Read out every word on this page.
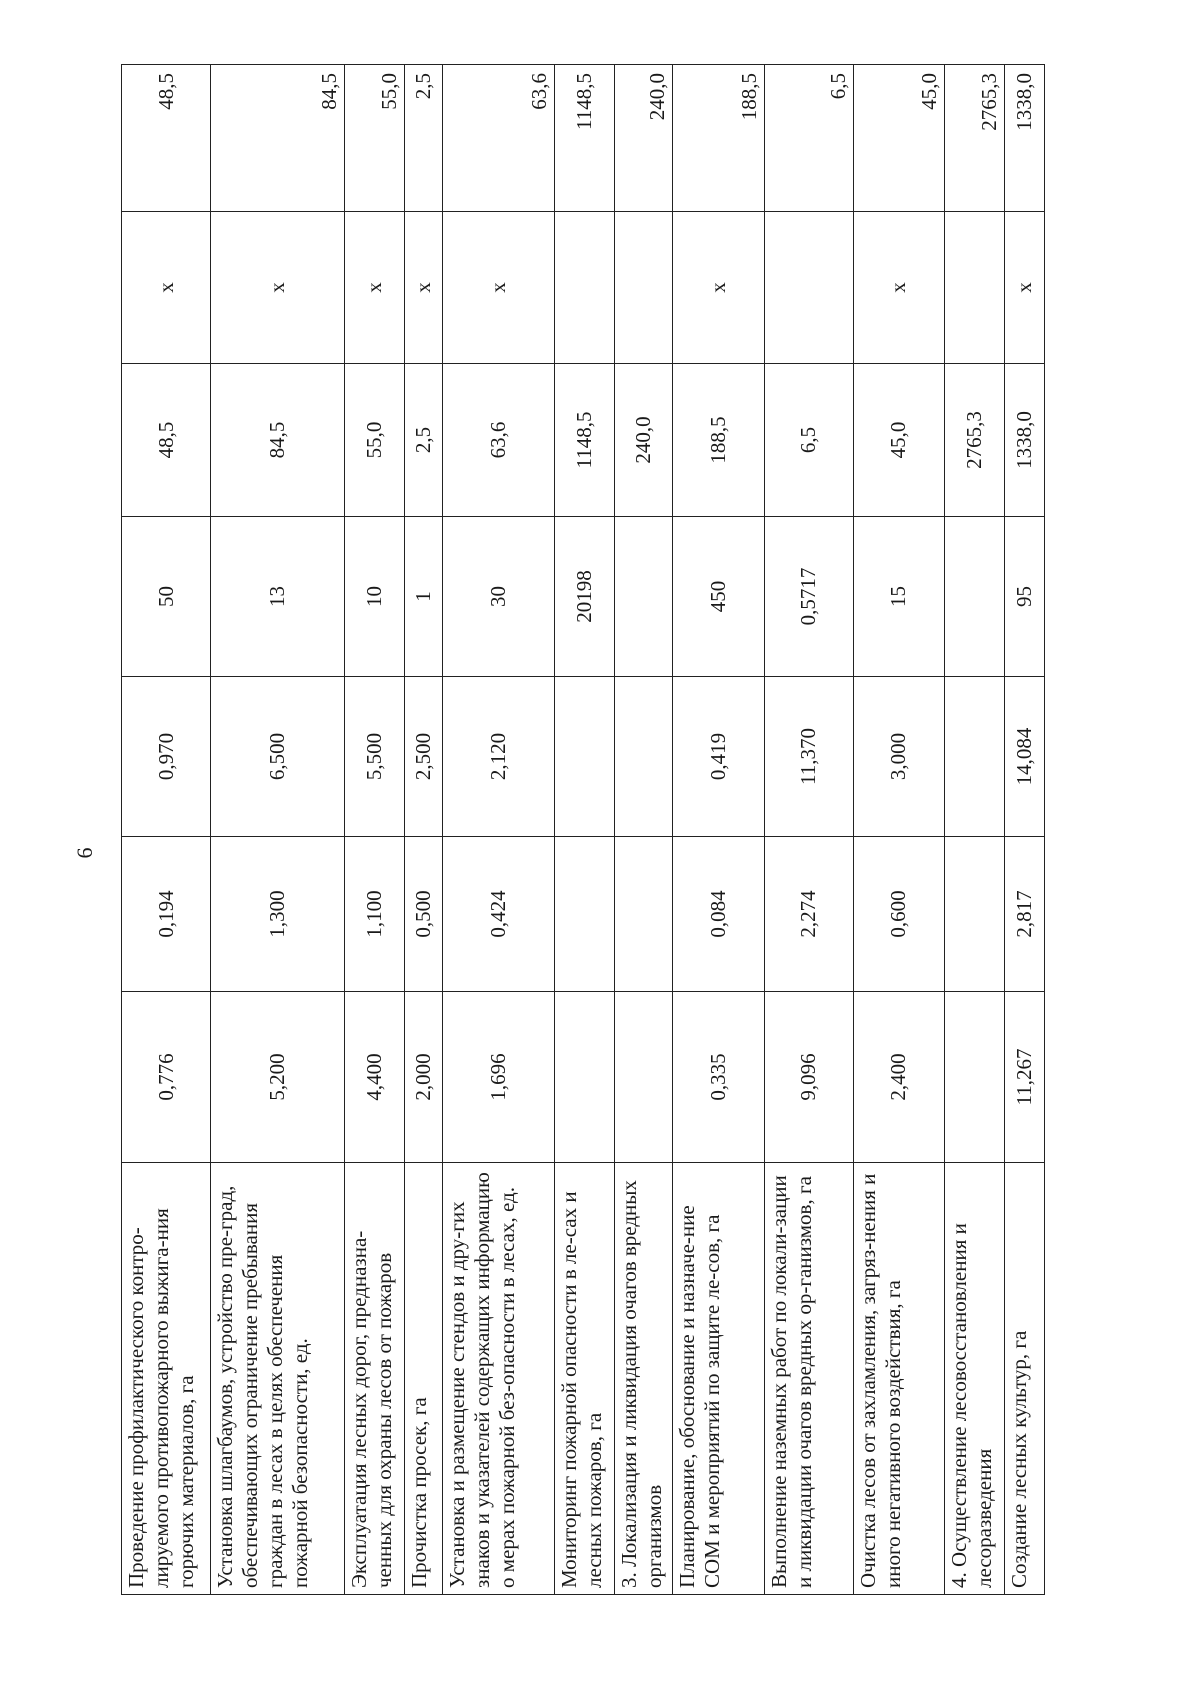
6
Проведение профилактического контро-лируемого противопожарного выжига-ния горючих материалов, га	0,776	0,194	0,970	50	48,5	х	48,5
Установка шлагбаумов, устройство пре-град, обеспечивающих ограничение пребывания граждан в лесах в целях обеспечения пожарной безопасности, ед.	5,200	1,300	6,500	13	84,5	х	84,5
Эксплуатация лесных дорог, предназна-ченных для охраны лесов от пожаров	4,400	1,100	5,500	10	55,0	х	55,0
Прочистка просек, га	2,000	0,500	2,500	1	2,5	х	2,5
Установка и размещение стендов и дру-гих знаков и указателей содержащих информацию о мерах пожарной без-опасности в лесах, ед.	1,696	0,424	2,120	30	63,6	х	63,6
Мониторинг пожарной опасности в ле-сах и лесных пожаров, га				20198	1148,5		1148,5
3. Локализация и ликвидация очагов вредных организмов					240,0		240,0
Планирование, обоснование и назначе-ние СОМ и мероприятий по защите ле-сов, га	0,335	0,084	0,419	450	188,5	х	188,5
Выполнение наземных работ по локали-зации и ликвидации очагов вредных ор-ганизмов, га	9,096	2,274	11,370	0,5717	6,5		6,5
Очистка лесов от захламления, загряз-нения и иного негативного воздействия, га	2,400	0,600	3,000	15	45,0	х	45,0
4. Осуществление лесовосстановления и лесоразведения					2765,3		2765,3
Создание лесных культур, га	11,267	2,817	14,084	95	1338,0	х	1338,0
